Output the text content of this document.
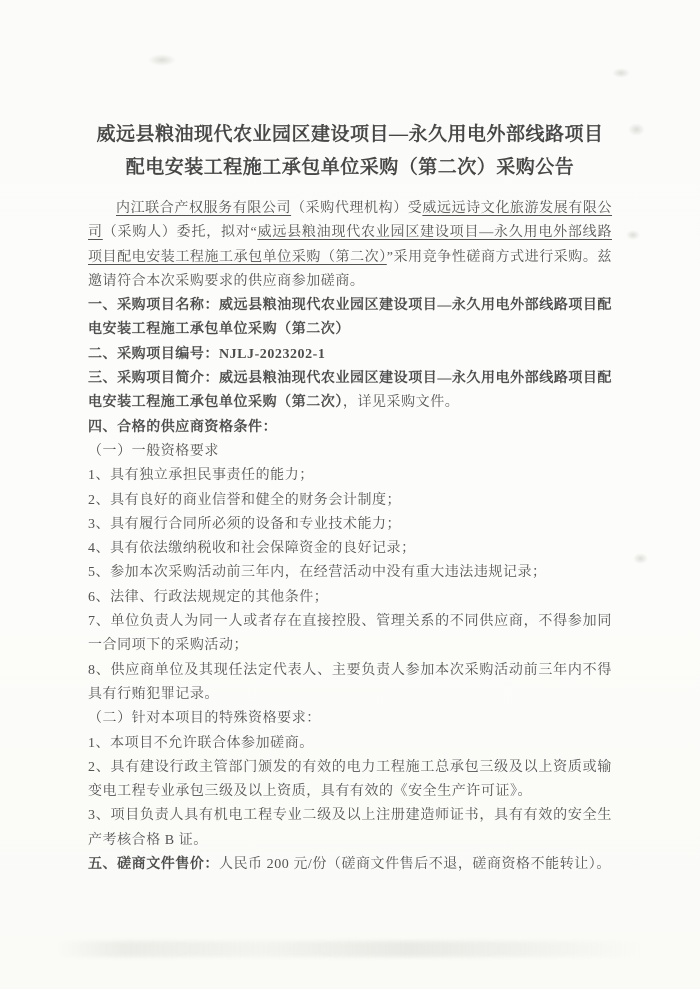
威远县粮油现代农业园区建设项目—永久用电外部线路项目
配电安装工程施工承包单位采购（第二次）采购公告

内江联合产权服务有限公司（采购代理机构）受威远远诗文化旅游发展有限公司（采购人）委托，拟对“威远县粮油现代农业园区建设项目—永久用电外部线路项目配电安装工程施工承包单位采购（第二次）”采用竞争性磋商方式进行采购。兹邀请符合本次采购要求的供应商参加磋商。

一、采购项目名称：威远县粮油现代农业园区建设项目—永久用电外部线路项目配电安装工程施工承包单位采购（第二次）

二、采购项目编号：NJLJ-2023202-1

三、采购项目简介：威远县粮油现代农业园区建设项目—永久用电外部线路项目配电安装工程施工承包单位采购（第二次），详见采购文件。

四、合格的供应商资格条件：

（一）一般资格要求

1、具有独立承担民事责任的能力；

2、具有良好的商业信誉和健全的财务会计制度；

3、具有履行合同所必须的设备和专业技术能力；

4、具有依法缴纳税收和社会保障资金的良好记录；

5、参加本次采购活动前三年内，在经营活动中没有重大违法违规记录；

6、法律、行政法规规定的其他条件；

7、单位负责人为同一人或者存在直接控股、管理关系的不同供应商，不得参加同一合同项下的采购活动；

8、供应商单位及其现任法定代表人、主要负责人参加本次采购活动前三年内不得具有行贿犯罪记录。

（二）针对本项目的特殊资格要求：

1、本项目不允许联合体参加磋商。

2、具有建设行政主管部门颁发的有效的电力工程施工总承包三级及以上资质或输变电工程专业承包三级及以上资质，具有有效的《安全生产许可证》。

3、项目负责人具有机电工程专业二级及以上注册建造师证书，具有有效的安全生产考核合格 B 证。

五、磋商文件售价：人民币 200 元/份（磋商文件售后不退，磋商资格不能转让）。
